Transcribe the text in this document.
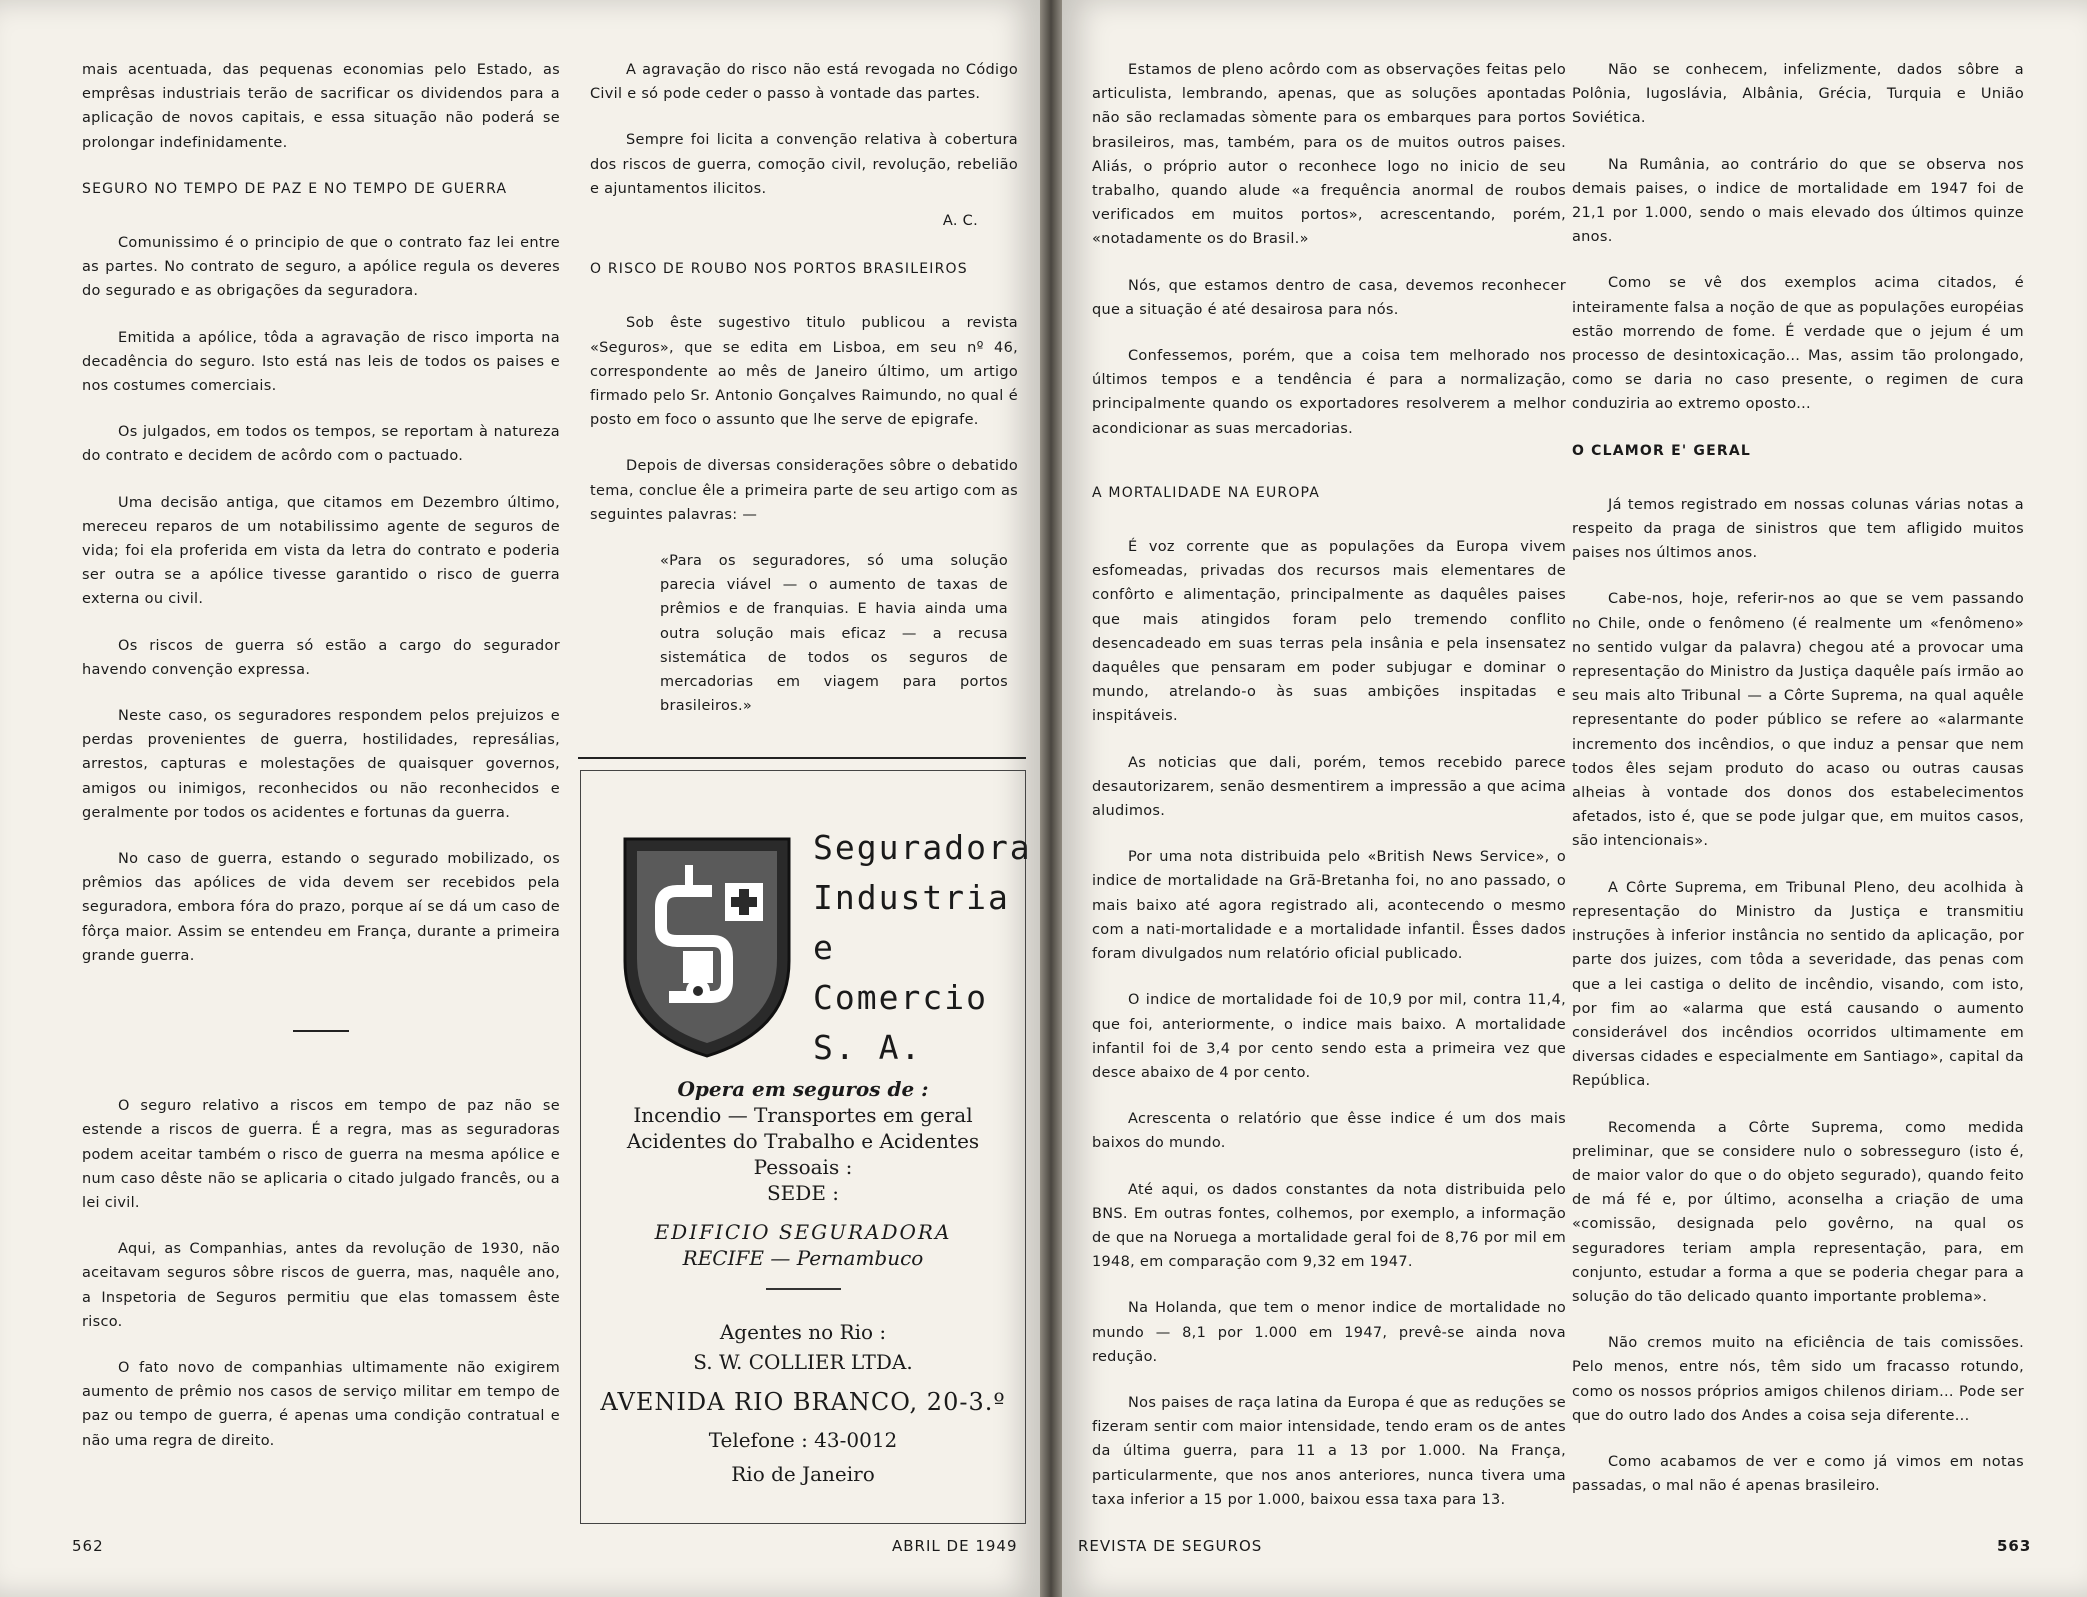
mais acentuada, das pequenas economias pelo Estado, as emprêsas industriais terão de sacrificar os dividendos para a aplicação de novos capitais, e essa situação não poderá se prolongar indefinidamente.

SEGURO NO TEMPO DE PAZ E NO TEMPO DE GUERRA

Comunissimo é o principio de que o contrato faz lei entre as partes. No contrato de seguro, a apólice regula os deveres do segurado e as obrigações da seguradora.

Emitida a apólice, tôda a agravação de risco importa na decadência do seguro. Isto está nas leis de todos os paises e nos costumes comerciais.

Os julgados, em todos os tempos, se reportam à natureza do contrato e decidem de acôrdo com o pactuado.

Uma decisão antiga, que citamos em Dezembro último, mereceu reparos de um notabilissimo agente de seguros de vida; foi ela proferida em vista da letra do contrato e poderia ser outra se a apólice tivesse garantido o risco de guerra externa ou civil.

Os riscos de guerra só estão a cargo do segurador havendo convenção expressa.

Neste caso, os seguradores respondem pelos prejuizos e perdas provenientes de guerra, hostilidades, represálias, arrestos, capturas e molestações de quaisquer governos, amigos ou inimigos, reconhecidos ou não reconhecidos e geralmente por todos os acidentes e fortunas da guerra.

No caso de guerra, estando o segurado mobilizado, os prêmios das apólices de vida devem ser recebidos pela seguradora, embora fóra do prazo, porque aí se dá um caso de fôrça maior. Assim se entendeu em França, durante a primeira grande guerra.

O seguro relativo a riscos em tempo de paz não se estende a riscos de guerra. É a regra, mas as seguradoras podem aceitar também o risco de guerra na mesma apólice e num caso dêste não se aplicaria o citado julgado francês, ou a lei civil.

Aqui, as Companhias, antes da revolução de 1930, não aceitavam seguros sôbre riscos de guerra, mas, naquêle ano, a Inspetoria de Seguros permitiu que elas tomassem êste risco.

O fato novo de companhias ultimamente não exigirem aumento de prêmio nos casos de serviço militar em tempo de paz ou tempo de guerra, é apenas uma condição contratual e não uma regra de direito.

A agravação do risco não está revogada no Código Civil e só pode ceder o passo à vontade das partes.

Sempre foi licita a convenção relativa à cobertura dos riscos de guerra, comoção civil, revolução, rebelião e ajuntamentos ilicitos.

A. C.
O RISCO DE ROUBO NOS PORTOS BRASILEIROS

Sob êste sugestivo titulo publicou a revista «Seguros», que se edita em Lisboa, em seu nº 46, correspondente ao mês de Janeiro último, um artigo firmado pelo Sr. Antonio Gonçalves Raimundo, no qual é posto em foco o assunto que lhe serve de epigrafe.

Depois de diversas considerações sôbre o debatido tema, conclue êle a primeira parte de seu artigo com as seguintes palavras: —

«Para os seguradores, só uma solução parecia viável — o aumento de taxas de prêmios e de franquias. E havia ainda uma outra solução mais eficaz — a recusa sistemática de todos os seguros de mercadorias em viagem para portos brasileiros.»

Seguradora
Industria
e Comercio
S. A.
Opera em seguros de :
Incendio — Transportes em geral
Acidentes do Trabalho e Acidentes
Pessoais :
SEDE :
EDIFICIO SEGURADORA
RECIFE — Pernambuco
Agentes no Rio :
S. W. COLLIER LTDA.
AVENIDA RIO BRANCO, 20-3.º
Telefone : 43-0012
Rio de Janeiro
562	ABRIL DE 1949

Estamos de pleno acôrdo com as observações feitas pelo articulista, lembrando, apenas, que as soluções apontadas não são reclamadas sòmente para os embarques para portos brasileiros, mas, também, para os de muitos outros paises. Aliás, o próprio autor o reconhece logo no inicio de seu trabalho, quando alude «a frequência anormal de roubos verificados em muitos portos», acrescentando, porém, «notadamente os do Brasil.»

Nós, que estamos dentro de casa, devemos reconhecer que a situação é até desairosa para nós.

Confessemos, porém, que a coisa tem melhorado nos últimos tempos e a tendência é para a normalização, principalmente quando os exportadores resolverem a melhor acondicionar as suas mercadorias.

A MORTALIDADE NA EUROPA

É voz corrente que as populações da Europa vivem esfomeadas, privadas dos recursos mais elementares de confôrto e alimentação, principalmente as daquêles paises que mais atingidos foram pelo tremendo conflito desencadeado em suas terras pela insânia e pela insensatez daquêles que pensaram em poder subjugar e dominar o mundo, atrelando-o às suas ambições inspitadas e inspitáveis.

As noticias que dali, porém, temos recebido parece desautorizarem, senão desmentirem a impressão a que acima aludimos.

Por uma nota distribuida pelo «British News Service», o indice de mortalidade na Grã-Bretanha foi, no ano passado, o mais baixo até agora registrado ali, acontecendo o mesmo com a nati-mortalidade e a mortalidade infantil. Êsses dados foram divulgados num relatório oficial publicado.

O indice de mortalidade foi de 10,9 por mil, contra 11,4, que foi, anteriormente, o indice mais baixo. A mortalidade infantil foi de 3,4 por cento sendo esta a primeira vez que desce abaixo de 4 por cento.

Acrescenta o relatório que êsse indice é um dos mais baixos do mundo.

Até aqui, os dados constantes da nota distribuida pelo BNS. Em outras fontes, colhemos, por exemplo, a informação de que na Noruega a mortalidade geral foi de 8,76 por mil em 1948, em comparação com 9,32 em 1947.

Na Holanda, que tem o menor indice de mortalidade no mundo — 8,1 por 1.000 em 1947, prevê-se ainda nova redução.

Nos paises de raça latina da Europa é que as reduções se fizeram sentir com maior intensidade, tendo eram os de antes da última guerra, para 11 a 13 por 1.000. Na França, particularmente, que nos anos anteriores, nunca tivera uma taxa inferior a 15 por 1.000, baixou essa taxa para 13.

Não se conhecem, infelizmente, dados sôbre a Polônia, Iugoslávia, Albânia, Grécia, Turquia e União Soviética.

Na Rumânia, ao contrário do que se observa nos demais paises, o indice de mortalidade em 1947 foi de 21,1 por 1.000, sendo o mais elevado dos últimos quinze anos.

Como se vê dos exemplos acima citados, é inteiramente falsa a noção de que as populações européias estão morrendo de fome. É verdade que o jejum é um processo de desintoxicação... Mas, assim tão prolongado, como se daria no caso presente, o regimen de cura conduziria ao extremo oposto...

O CLAMOR E' GERAL

Já temos registrado em nossas colunas várias notas a respeito da praga de sinistros que tem afligido muitos paises nos últimos anos.

Cabe-nos, hoje, referir-nos ao que se vem passando no Chile, onde o fenômeno (é realmente um «fenômeno» no sentido vulgar da palavra) chegou até a provocar uma representação do Ministro da Justiça daquêle país irmão ao seu mais alto Tribunal — a Côrte Suprema, na qual aquêle representante do poder público se refere ao «alarmante incremento dos incêndios, o que induz a pensar que nem todos êles sejam produto do acaso ou outras causas alheias à vontade dos donos dos estabelecimentos afetados, isto é, que se pode julgar que, em muitos casos, são intencionais».

A Côrte Suprema, em Tribunal Pleno, deu acolhida à representação do Ministro da Justiça e transmitiu instruções à inferior instância no sentido da aplicação, por parte dos juizes, com tôda a severidade, das penas com que a lei castiga o delito de incêndio, visando, com isto, por fim ao «alarma que está causando o aumento considerável dos incêndios ocorridos ultimamente em diversas cidades e especialmente em Santiago», capital da República.

Recomenda a Côrte Suprema, como medida preliminar, que se considere nulo o sobresseguro (isto é, de maior valor do que o do objeto segurado), quando feito de má fé e, por último, aconselha a criação de uma «comissão, designada pelo govêrno, na qual os seguradores teriam ampla representação, para, em conjunto, estudar a forma a que se poderia chegar para a solução do tão delicado quanto importante problema».

Não cremos muito na eficiência de tais comissões. Pelo menos, entre nós, têm sido um fracasso rotundo, como os nossos próprios amigos chilenos diriam... Pode ser que do outro lado dos Andes a coisa seja diferente...

Como acabamos de ver e como já vimos em notas passadas, o mal não é apenas brasileiro.

REVISTA DE SEGUROS	563
